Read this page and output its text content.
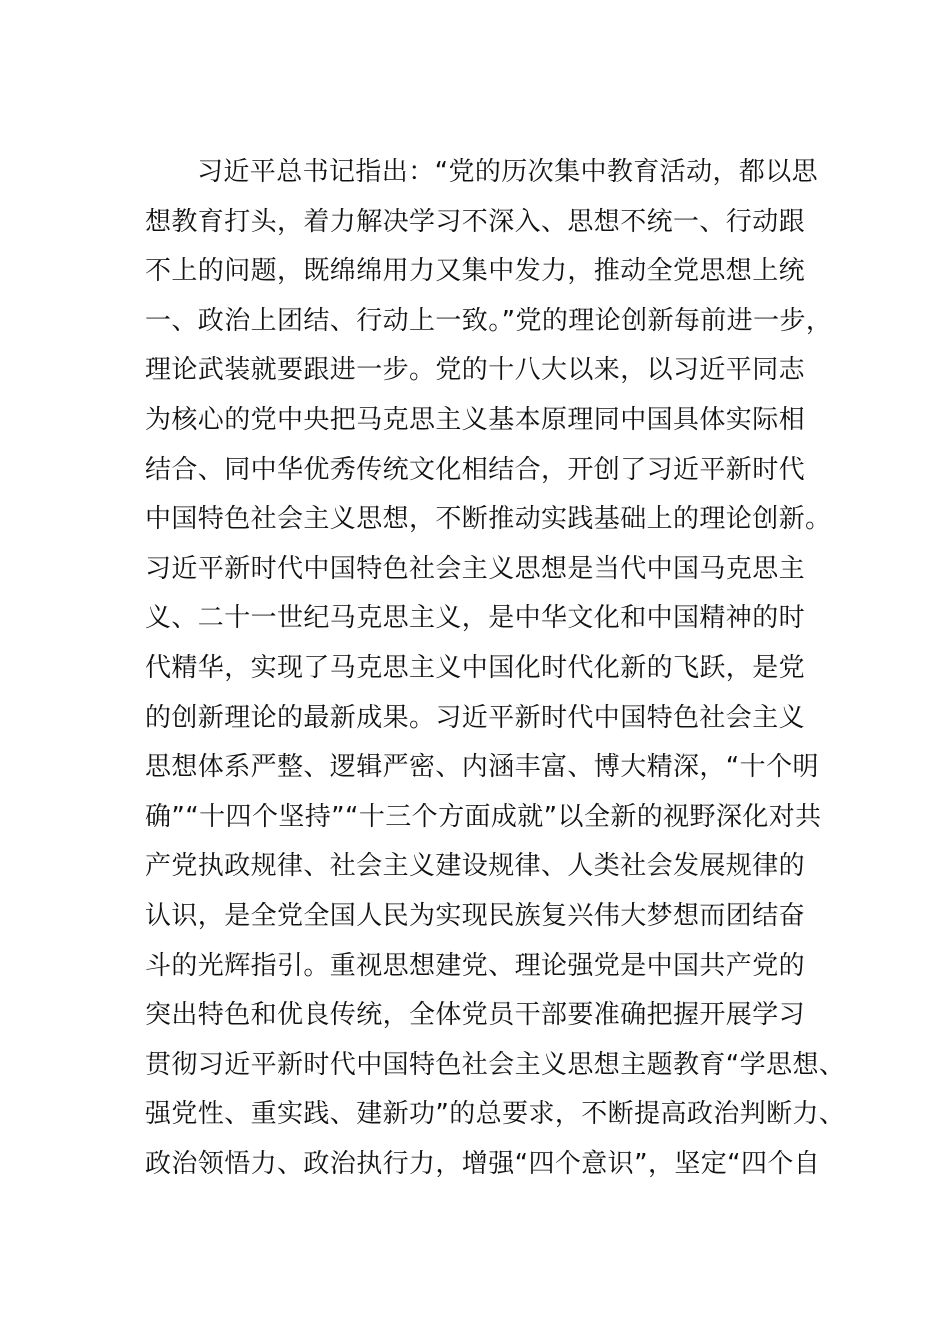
习近平总书记指出：“党的历次集中教育活动，都以思
想教育打头，着力解决学习不深入、思想不统一、行动跟
不上的问题，既绵绵用力又集中发力，推动全党思想上统
一、政治上团结、行动上一致。”党的理论创新每前进一步，
理论武装就要跟进一步。党的十八大以来，以习近平同志
为核心的党中央把马克思主义基本原理同中国具体实际相
结合、同中华优秀传统文化相结合，开创了习近平新时代
中国特色社会主义思想，不断推动实践基础上的理论创新。
习近平新时代中国特色社会主义思想是当代中国马克思主
义、二十一世纪马克思主义，是中华文化和中国精神的时
代精华，实现了马克思主义中国化时代化新的飞跃，是党
的创新理论的最新成果。习近平新时代中国特色社会主义
思想体系严整、逻辑严密、内涵丰富、博大精深，“十个明
确”“十四个坚持”“十三个方面成就”以全新的视野深化对共
产党执政规律、社会主义建设规律、人类社会发展规律的
认识，是全党全国人民为实现民族复兴伟大梦想而团结奋
斗的光辉指引。重视思想建党、理论强党是中国共产党的
突出特色和优良传统，全体党员干部要准确把握开展学习
贯彻习近平新时代中国特色社会主义思想主题教育“学思想、
强党性、重实践、建新功”的总要求，不断提高政治判断力、
政治领悟力、政治执行力，增强“四个意识”，坚定“四个自
